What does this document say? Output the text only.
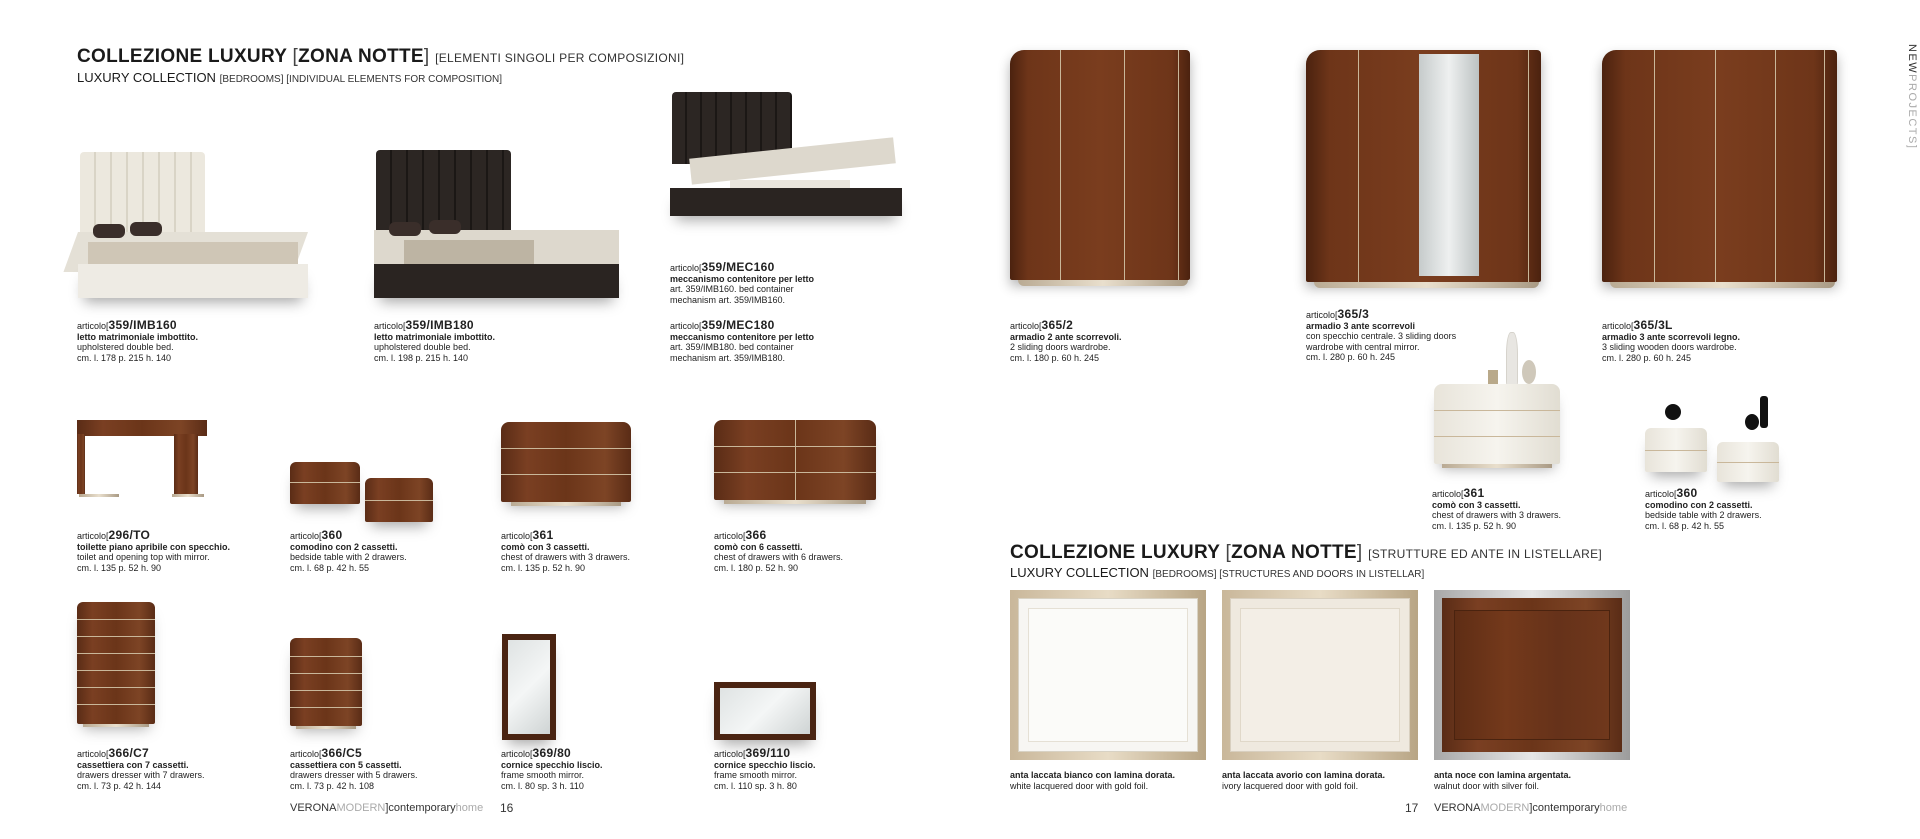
COLLEZIONE LUXURY [ZONA NOTTE] [ELEMENTI SINGOLI PER COMPOSIZIONI]
LUXURY COLLECTION [BEDROOMS] [INDIVIDUAL ELEMENTS FOR COMPOSITION]
articolo[359/IMB160
letto matrimoniale imbottito.
upholstered double bed.
cm. l. 178 p. 215 h. 140
articolo[359/IMB180
letto matrimoniale imbottito.
upholstered double bed.
cm. l. 198 p. 215 h. 140
articolo[359/MEC160
meccanismo contenitore per letto
art. 359/IMB160. bed container
mechanism art. 359/IMB160.
articolo[359/MEC180
meccanismo contenitore per letto
art. 359/IMB180. bed container
mechanism art. 359/IMB180.
articolo[296/TO
toilette piano apribile con specchio.
toilet and opening top with mirror.
cm. l. 135 p. 52 h. 90
articolo[360
comodino con 2 cassetti.
bedside table with 2 drawers.
cm. l. 68 p. 42 h. 55
articolo[361
comò con 3 cassetti.
chest of drawers with 3 drawers.
cm. l. 135 p. 52 h. 90
articolo[366
comò con 6 cassetti.
chest of drawers with 6 drawers.
cm. l. 180 p. 52 h. 90
articolo[366/C7
cassettiera con 7 cassetti.
drawers dresser with 7 drawers.
cm. l. 73 p. 42 h. 144
articolo[366/C5
cassettiera con 5 cassetti.
drawers dresser with 5 drawers.
cm. l. 73 p. 42 h. 108
articolo[369/80
cornice specchio liscio.
frame smooth mirror.
cm. l. 80 sp. 3 h. 110
articolo[369/110
cornice specchio liscio.
frame smooth mirror.
cm. l. 110 sp. 3 h. 80
VERONAMODERN]contemporaryhome 16
articolo[365/2
armadio 2 ante scorrevoli.
2 sliding doors wardrobe.
cm. l. 180 p. 60 h. 245
articolo[365/3
armadio 3 ante scorrevoli
con specchio centrale. 3 sliding doors
wardrobe with central mirror.
cm. l. 280 p. 60 h. 245
articolo[365/3L
armadio 3 ante scorrevoli legno.
3 sliding wooden doors wardrobe.
cm. l. 280 p. 60 h. 245
articolo[361
comò con 3 cassetti.
chest of drawers with 3 drawers.
cm. l. 135 p. 52 h. 90
articolo[360
comodino con 2 cassetti.
bedside table with 2 drawers.
cm. l. 68 p. 42 h. 55
COLLEZIONE LUXURY [ZONA NOTTE] [STRUTTURE ED ANTE IN LISTELLARE]
LUXURY COLLECTION [BEDROOMS] [STRUCTURES AND DOORS IN LISTELLAR]
anta laccata bianco con lamina dorata.
white lacquered door with gold foil.
anta laccata avorio con lamina dorata.
ivory lacquered door with gold foil.
anta noce con lamina argentata.
walnut door with silver foil.
17 VERONAMODERN]contemporaryhome
NEWPROJECTS]
